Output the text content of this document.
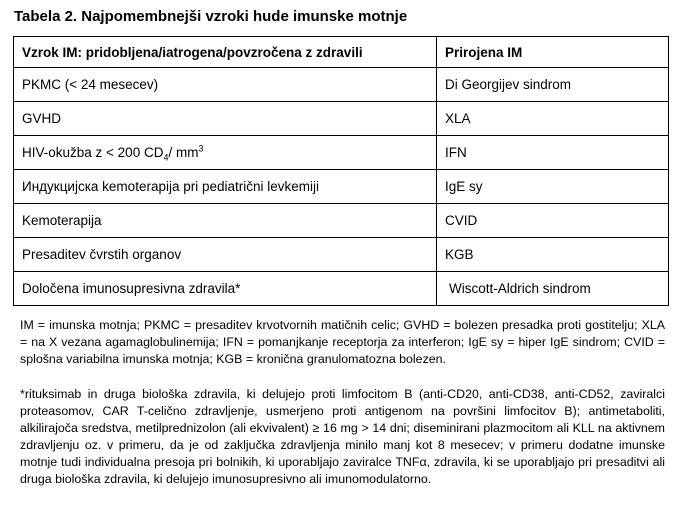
Tabela 2. Najpomembnejši vzroki hude imunske motnje
Vzrok IM: pridobljena/iatrogena/povzročena z zdravili	Prirojena IM
PKMC (< 24 mesecev)	Di Georgijev sindrom
GVHD	XLA
HIV-okužba z < 200 $CD_4/$ $mm^3$	IFN
Индукцијска kemoterapija pri pediatrični levkemiji	IgE sy
Kemoterapija	CVID
Presaditev čvrstih organov	KGB
Določena imunosupresivna zdravila*	Wiscott-Aldrich sindrom
IM = imunska motnja; PKMC = presaditev krvotvornih matičnih celic; GVHD = bolezen presadka proti gostitelju; XLA = na X vezana agamaglobulinemija; IFN = pomanjkanje receptorja za interferon; IgE sy = hiper IgE sindrom; CVID = splošna variabilna imunska motnja; KGB = kronična granulomatozna bolezen.
*rituksimab in druga biološka zdravila, ki delujejo proti limfocitom B (anti-CD20, anti-CD38, anti-CD52, zaviralci proteasomov, CAR T-celično zdravljenje, usmerjeno proti antigenom na površini limfocitov B); antimetaboliti, alkilirajoča sredstva, metilprednizolon (ali ekvivalent) ≥ 16 mg > 14 dni; diseminirani plazmocitom ali KLL na aktivnem zdravljenju oz. v primeru, da je od zaključka zdravljenja minilo manj kot 8 mesecev; v primeru dodatne imunske motnje tudi individualna presoja pri bolnikih, ki uporabljajo zaviralce TNFα, zdravila, ki se uporabljajo pri presaditvi ali druga biološka zdravila, ki delujejo imunosupresivno ali imunomodulatorno.
